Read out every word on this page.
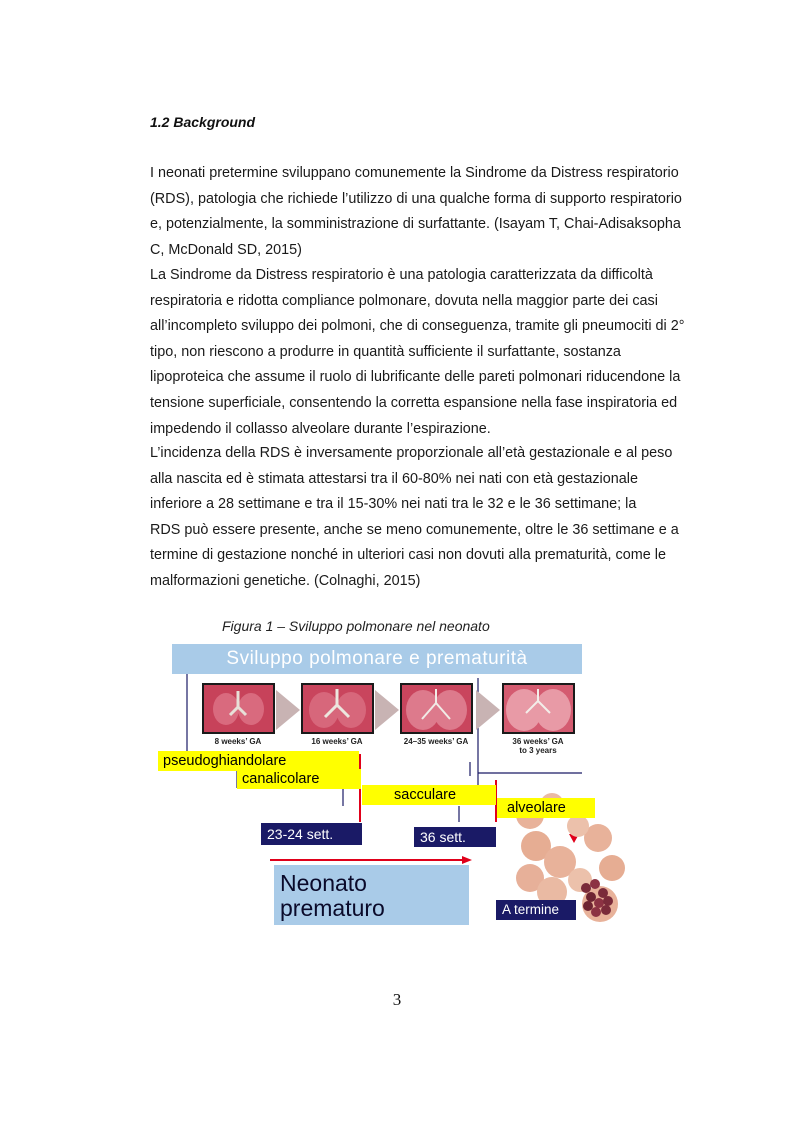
1.2 Background
I neonati pretermine sviluppano comunemente la Sindrome da Distress respiratorio
(RDS), patologia che richiede l’utilizzo di una qualche forma di supporto respiratorio
e, potenzialmente, la somministrazione di surfattante. (Isayam T, Chai-Adisaksopha
C, McDonald SD, 2015)
La Sindrome da Distress respiratorio è una patologia caratterizzata da difficoltà
respiratoria e ridotta compliance polmonare, dovuta nella maggior parte dei casi
all’incompleto sviluppo dei polmoni, che di conseguenza, tramite gli pneumociti di 2°
tipo, non riescono a produrre in quantità sufficiente il surfattante, sostanza
lipoproteica che assume il ruolo di lubrificante delle pareti polmonari riducendone la
tensione superficiale, consentendo la corretta espansione nella fase inspiratoria ed
impedendo il collasso alveolare durante l’espirazione.
L’incidenza della RDS è inversamente proporzionale all’età gestazionale e al peso
alla nascita ed è stimata attestarsi tra il 60-80% nei nati con età gestazionale
inferiore a 28 settimane e tra il 15-30% nei nati tra le 32 e le 36 settimane; la
RDS può essere presente, anche se meno comunemente, oltre le 36 settimane e a
termine di gestazione nonché in ulteriori casi non dovuti alla prematurità, come le
malformazioni genetiche. (Colnaghi, 2015)
Figura 1 – Sviluppo polmonare nel neonato
Sviluppo polmonare e prematurità
8 weeks’ GA	16 weeks’ GA	24–35 weeks’ GA	36 weeks’ GA
to 3 years
pseudoghiandolare
canalicolare
sacculare
alveolare
23-24 sett.	36 sett.
Neonato
prematuro	A termine
3
